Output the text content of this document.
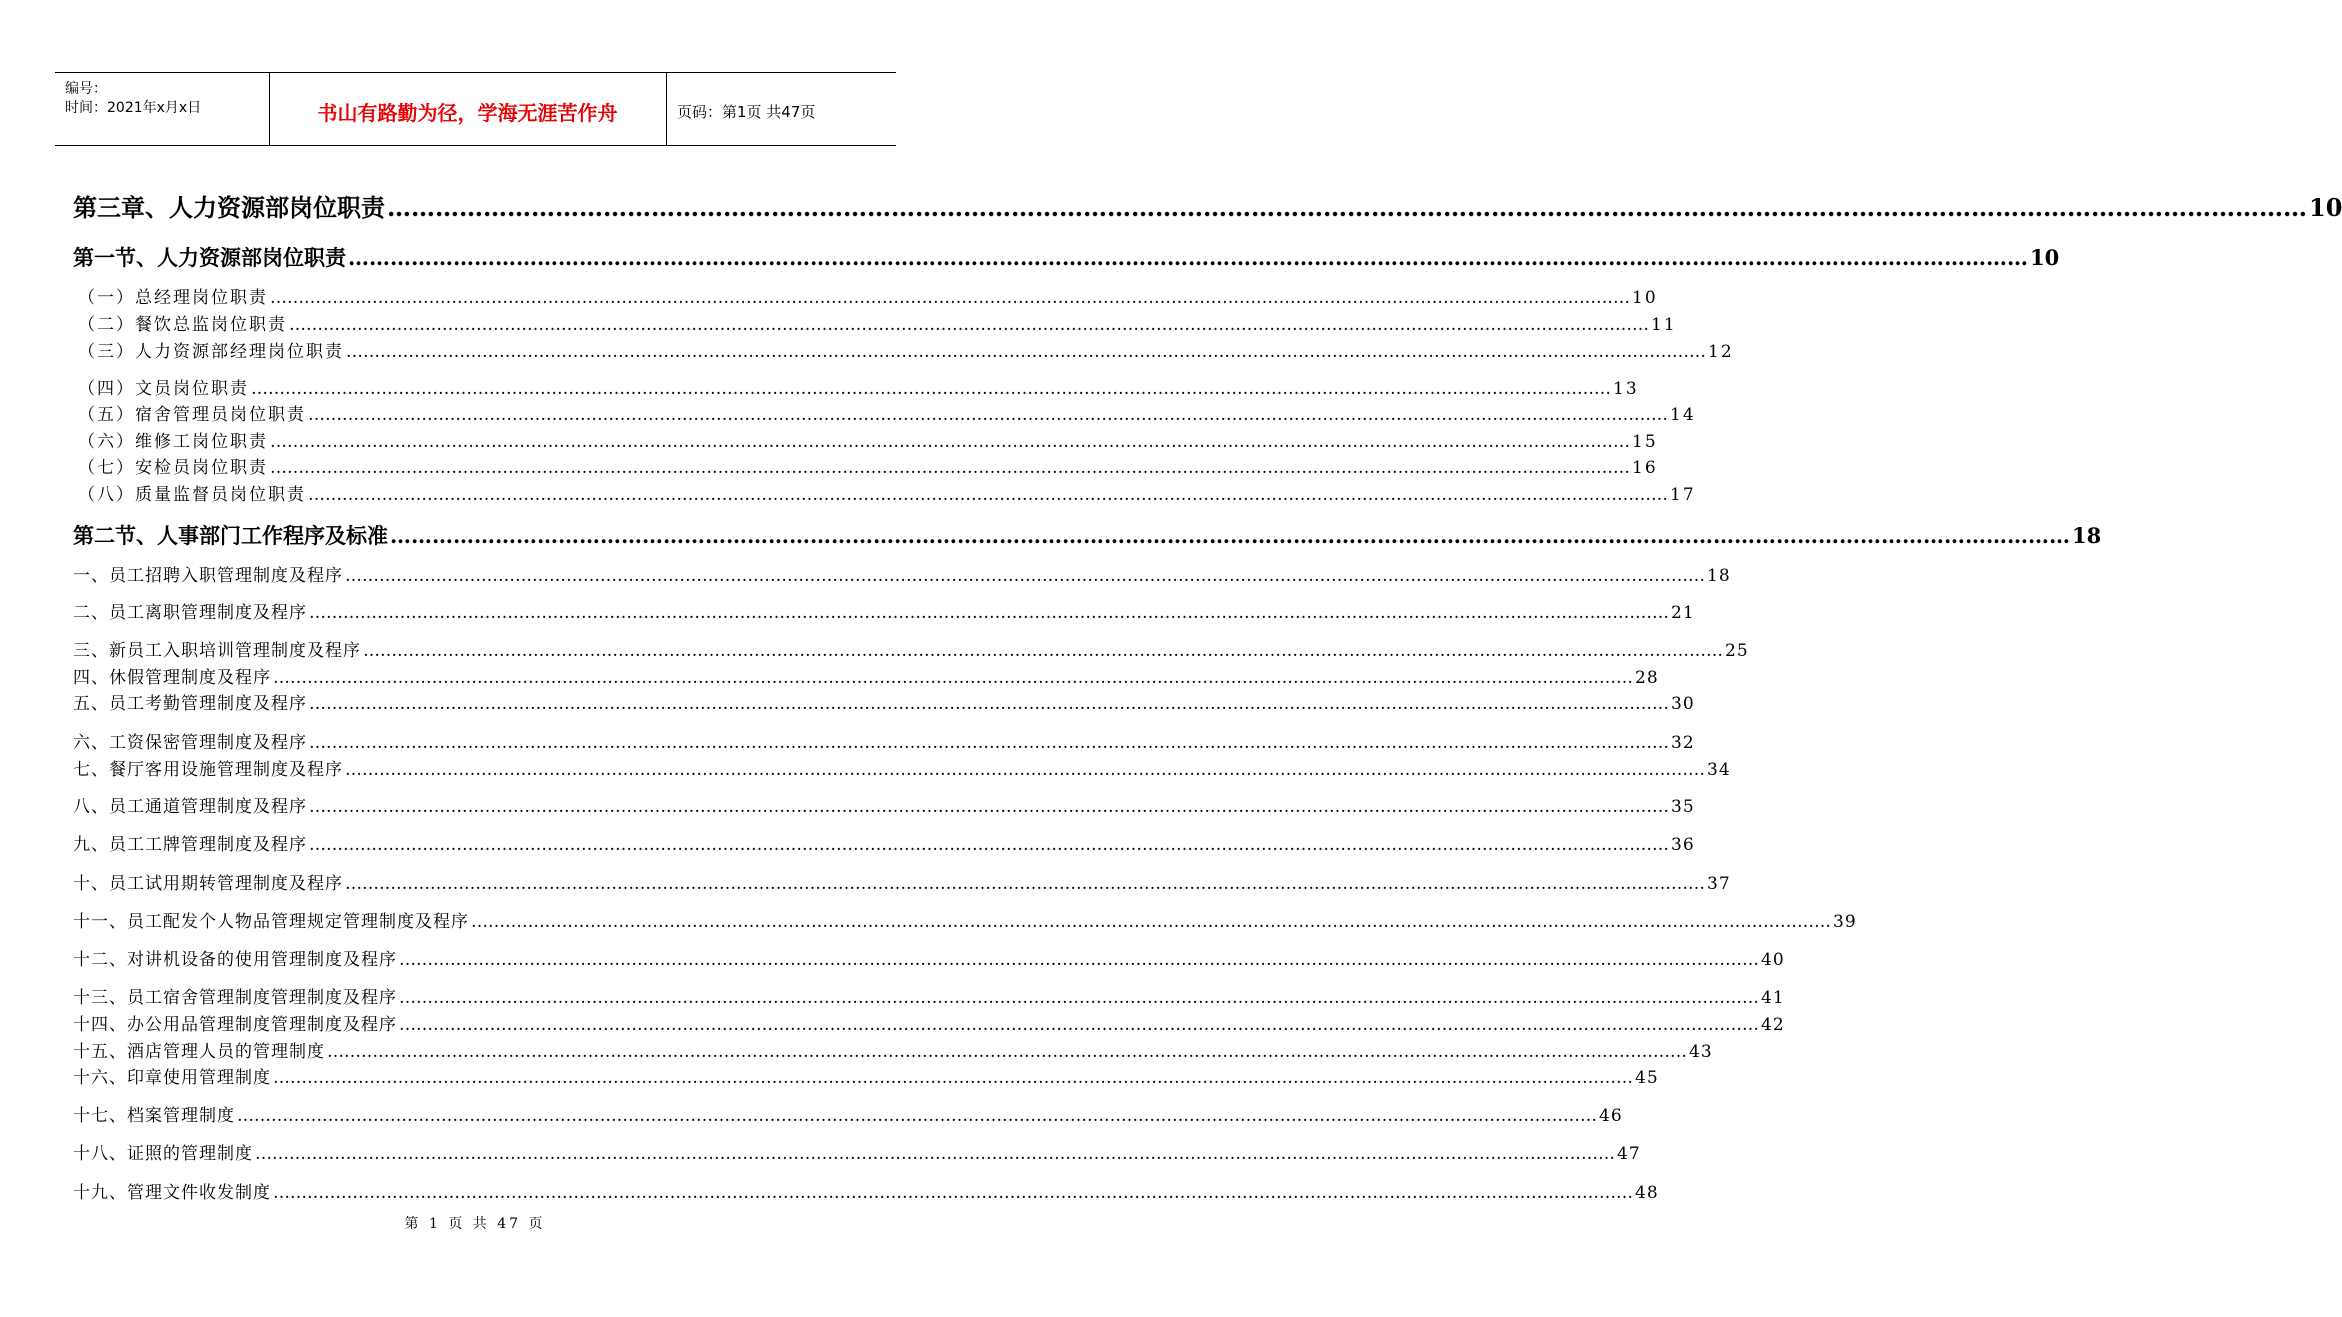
编号：
时间：2021年x月x日	书山有路勤为径，学海无涯苦作舟	页码：第1页 共47页
第三章、人力资源部岗位职责 …………………………………………………………………………………………………………………………………………………………………………………………………………………… 10
第一节、人力资源部岗位职责 …………………………………………………………………………………………………………………………………………………………………………………………………………………… 10
（一）总经理岗位职责 …………………………………………………………………………………………………………………………………………………………………………………………………………………… 10
（二）餐饮总监岗位职责 …………………………………………………………………………………………………………………………………………………………………………………………………………………… 11
（三）人力资源部经理岗位职责 …………………………………………………………………………………………………………………………………………………………………………………………………………………… 12
（四）文员岗位职责 …………………………………………………………………………………………………………………………………………………………………………………………………………………… 13
（五）宿舍管理员岗位职责 …………………………………………………………………………………………………………………………………………………………………………………………………………………… 14
（六）维修工岗位职责 …………………………………………………………………………………………………………………………………………………………………………………………………………………… 15
（七）安检员岗位职责 …………………………………………………………………………………………………………………………………………………………………………………………………………………… 16
（八）质量监督员岗位职责 …………………………………………………………………………………………………………………………………………………………………………………………………………………… 17
第二节、人事部门工作程序及标准 …………………………………………………………………………………………………………………………………………………………………………………………………………………… 18
一、员工招聘入职管理制度及程序 …………………………………………………………………………………………………………………………………………………………………………………………………………………… 18
二、员工离职管理制度及程序 …………………………………………………………………………………………………………………………………………………………………………………………………………………… 21
三、新员工入职培训管理制度及程序 …………………………………………………………………………………………………………………………………………………………………………………………………………………… 25
四、休假管理制度及程序 …………………………………………………………………………………………………………………………………………………………………………………………………………………… 28
五、员工考勤管理制度及程序 …………………………………………………………………………………………………………………………………………………………………………………………………………………… 30
六、工资保密管理制度及程序 …………………………………………………………………………………………………………………………………………………………………………………………………………………… 32
七、餐厅客用设施管理制度及程序 …………………………………………………………………………………………………………………………………………………………………………………………………………………… 34
八、员工通道管理制度及程序 …………………………………………………………………………………………………………………………………………………………………………………………………………………… 35
九、员工工牌管理制度及程序 …………………………………………………………………………………………………………………………………………………………………………………………………………………… 36
十、员工试用期转管理制度及程序 …………………………………………………………………………………………………………………………………………………………………………………………………………………… 37
十一、员工配发个人物品管理规定管理制度及程序 …………………………………………………………………………………………………………………………………………………………………………………………………………………… 39
十二、对讲机设备的使用管理制度及程序 …………………………………………………………………………………………………………………………………………………………………………………………………………………… 40
十三、员工宿舍管理制度管理制度及程序 …………………………………………………………………………………………………………………………………………………………………………………………………………………… 41
十四、办公用品管理制度管理制度及程序 …………………………………………………………………………………………………………………………………………………………………………………………………………………… 42
十五、酒店管理人员的管理制度 …………………………………………………………………………………………………………………………………………………………………………………………………………………… 43
十六、印章使用管理制度 …………………………………………………………………………………………………………………………………………………………………………………………………………………… 45
十七、档案管理制度 …………………………………………………………………………………………………………………………………………………………………………………………………………………… 46
十八、证照的管理制度 …………………………………………………………………………………………………………………………………………………………………………………………………………………… 47
十九、管理文件收发制度 …………………………………………………………………………………………………………………………………………………………………………………………………………………… 48
第 1 页 共 47 页
